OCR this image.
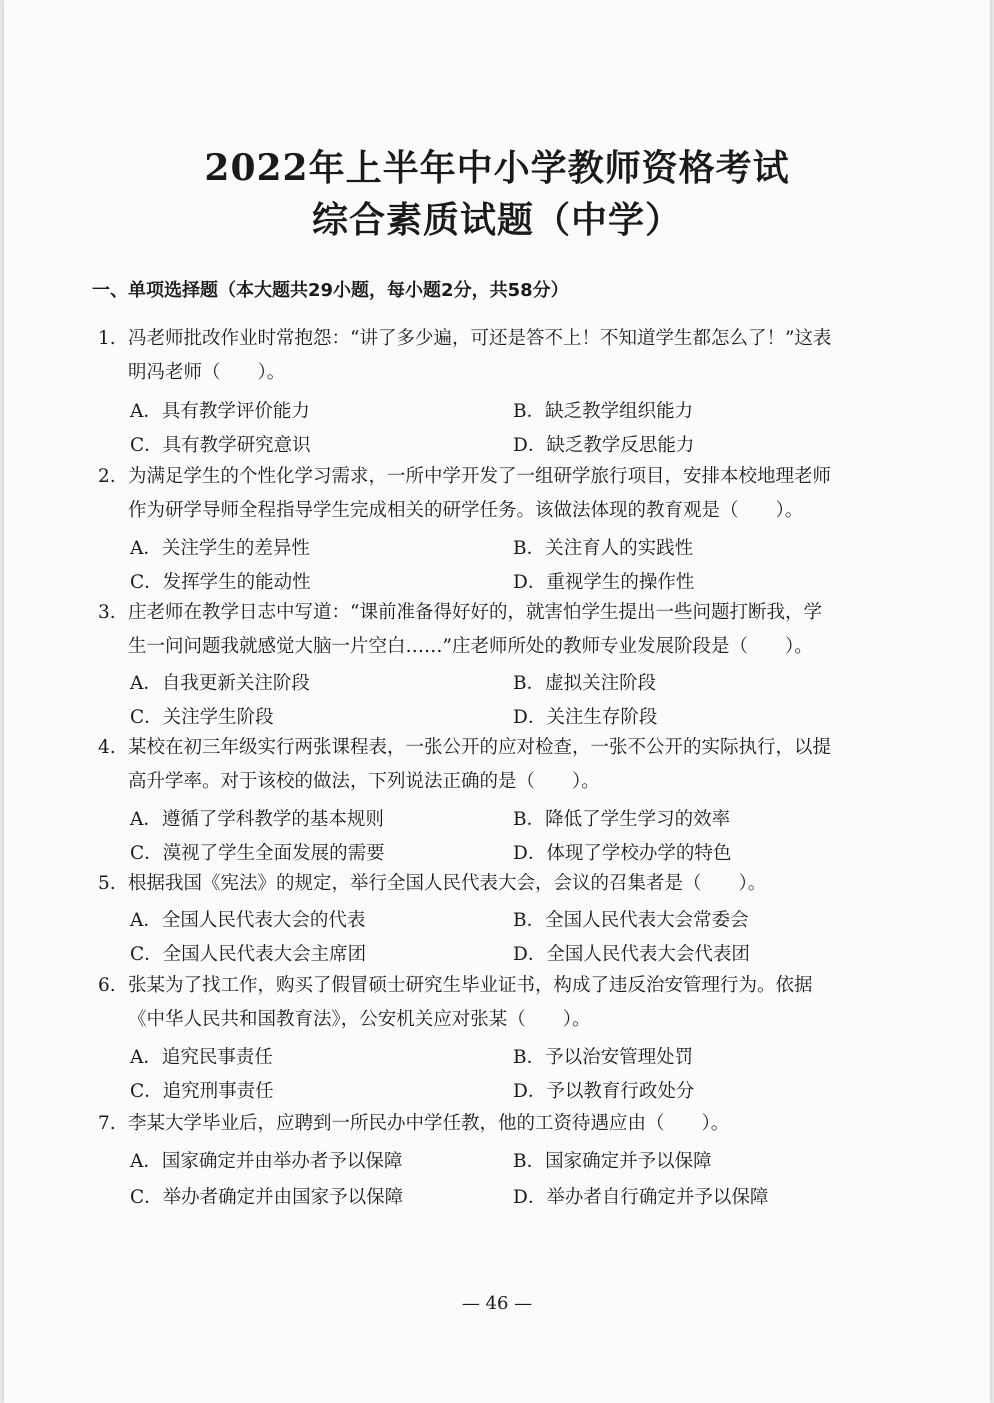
2022年上半年中小学教师资格考试
综合素质试题（中学）
一、单项选择题（本大题共29小题，每小题2分，共58分）
1. 冯老师批改作业时常抱怨：“讲了多少遍，可还是答不上！不知道学生都怎么了！”这表
明冯老师（　　）。
A．具有教学评价能力	B．缺乏教学组织能力
C．具有教学研究意识	D．缺乏教学反思能力
2. 为满足学生的个性化学习需求，一所中学开发了一组研学旅行项目，安排本校地理老师
作为研学导师全程指导学生完成相关的研学任务。该做法体现的教育观是（　　）。
A．关注学生的差异性	B．关注育人的实践性
C．发挥学生的能动性	D．重视学生的操作性
3. 庄老师在教学日志中写道：“课前准备得好好的，就害怕学生提出一些问题打断我，学
生一问问题我就感觉大脑一片空白……”庄老师所处的教师专业发展阶段是（　　）。
A．自我更新关注阶段	B．虚拟关注阶段
C．关注学生阶段	D．关注生存阶段
4. 某校在初三年级实行两张课程表，一张公开的应对检查，一张不公开的实际执行，以提
高升学率。对于该校的做法，下列说法正确的是（　　）。
A．遵循了学科教学的基本规则	B．降低了学生学习的效率
C．漠视了学生全面发展的需要	D．体现了学校办学的特色
5. 根据我国《宪法》的规定，举行全国人民代表大会，会议的召集者是（　　）。
A．全国人民代表大会的代表	B．全国人民代表大会常委会
C．全国人民代表大会主席团	D．全国人民代表大会代表团
6. 张某为了找工作，购买了假冒硕士研究生毕业证书，构成了违反治安管理行为。依据
《中华人民共和国教育法》，公安机关应对张某（　　）。
A．追究民事责任	B．予以治安管理处罚
C．追究刑事责任	D．予以教育行政处分
7. 李某大学毕业后，应聘到一所民办中学任教，他的工资待遇应由（　　）。
A．国家确定并由举办者予以保障	B．国家确定并予以保障
C．举办者确定并由国家予以保障	D．举办者自行确定并予以保障
— 46 —
